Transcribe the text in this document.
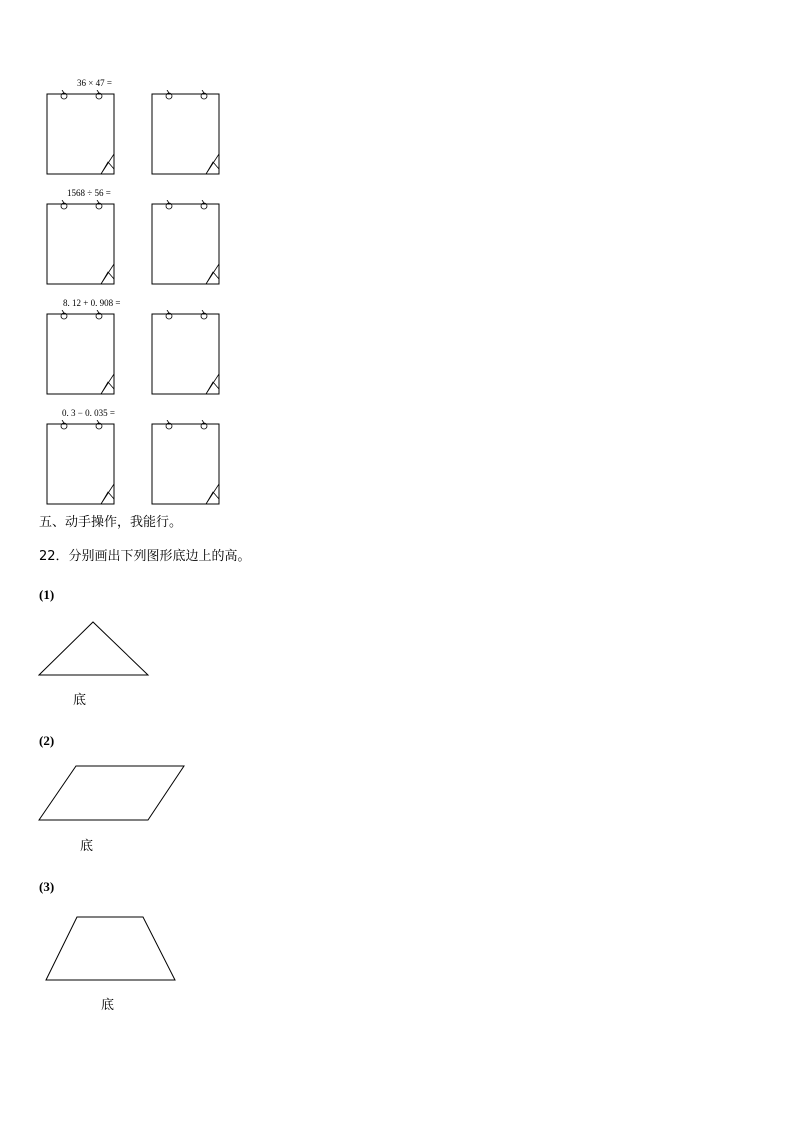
36 × 47 =
1568 ÷ 56 =
8. 12 + 0. 908 =
0. 3 − 0. 035 =
五、动手操作，我能行。
22．分别画出下列图形底边上的高。
(1)
底
(2)
底
(3)
底
